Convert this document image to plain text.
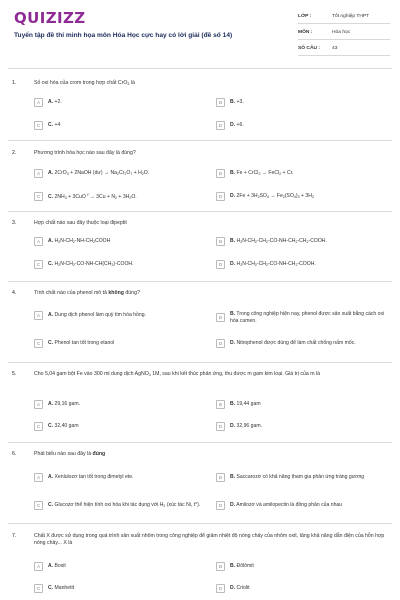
QUIZIZZ
Tuyển tập đề thi minh họa môn Hóa Học cực hay có lời giải (đề số 14)
LỚP :	Tốt nghiệp THPT
MÔN :	Hóa học
SỐ CÂU : 43
1.	Số oxi hóa của crom trong hợp chất CrO$_3$ là
A	A. +2.	B	B. +3.
C	C. +4	D	D. +6.
2.	Phương trình hóa học nào sau đây là đúng?
A	A. 2CrO$_3$ + 2NaOH (dư) → $Na_2Cr_2O_7 + H_2O$.	B	B. Fe + CrCl$_2$ → FeCl$_2$ + Cr.
C	C. $2NH_3 + 3CuO$ $^{t^\circ}\to 3Cu + N_2 + 3H_2O$.	D	D. $2Fe + 3H_2SO_4 \to Fe_2(SO_4)_3 + 3H_2$
3.	Hợp chất nào sau đây thuộc loại đipeptit
A	A. $H_2N-CH_2-NH-CH_2COOH$	B	B. $H_2N-CH_2-CH_2-CO-NH-CH_2-CH_2$-COOH.
C	C. $H_2N-CH_2-CO-NH-CH(CH_3)$-COOH.	D	D. $H_2N-CH_2-CH_2-CO-NH-CH_2$-COOH.
4.	Tính chất nào của phenol mô tả không đúng?
A	A. Dung dịch phenol làm quỳ tím hóa hồng.	B
B. Trong công nghiệp hiện nay, phenol được sản xuất bằng cách oxi hóa cumen.
C	C. Phenol tan tốt trong etanol	D	D. Nitrophenol được dùng để làm chất chống nấm mốc.
5.	Cho 5,04 gam bột Fe vào 300 ml dung dịch AgNO$_3$ 1M, sau khi kết thúc phản ứng, thu được m gam kim loại. Giá trị của m là
A	A. 29,16 gam.	B	B. 19,44 gam
C	C. 32,40 gam	D	D. 32,96 gam.
6.	Phát biểu nào sau đây là đúng
A	A. Xenlulozơ tan tốt trong đimetyl ete.	B	B. Saccarozơ có khả năng tham gia phản ứng tráng gương
C	C. Glucozơ thể hiện tính oxi hóa khi tác dụng với $H_2$ (xúc tác Ni, t°).	D	D. Amilozơ và amilopectin là đồng phân của nhau
7.	Chất X được sử dụng trong quá trình sản xuất nhôm trong công nghiệp để giảm nhiệt độ nóng chảy của nhôm oxit, tăng khả năng dẫn điện của hỗn hợp nóng chảy... X là
A	A. Boxit	B	B. Đôlômit
C	C. Manhetit	D	D. Criolit
